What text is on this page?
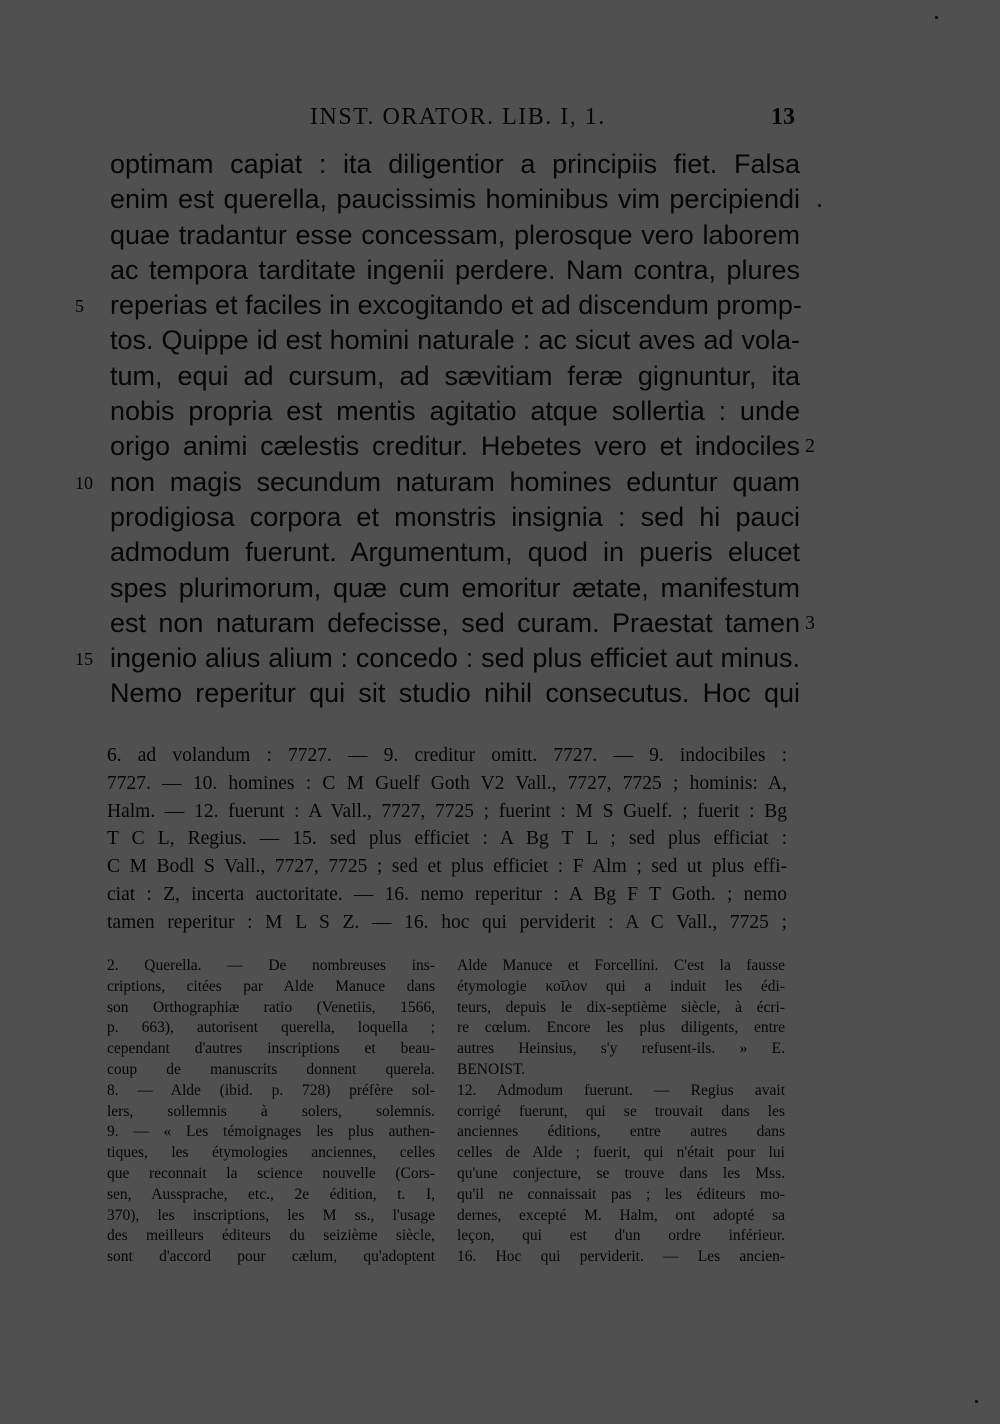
INST. ORATOR. LIB. I, 1.	13
5
10
15
optimam capiat : ita diligentior a principiis fiet. Falsa
enim est querella, paucissimis hominibus vim percipiendi
quae tradantur esse concessam, plerosque vero laborem
ac tempora tarditate ingenii perdere. Nam contra, plures
reperias et faciles in excogitando et ad discendum promp-
tos. Quippe id est homini naturale : ac sicut aves ad vola-
tum, equi ad cursum, ad sævitiam feræ gignuntur, ita
nobis propria est mentis agitatio atque sollertia : unde
origo animi cælestis creditur. Hebetes vero et indociles
non magis secundum naturam homines eduntur quam
prodigiosa corpora et monstris insignia : sed hi pauci
admodum fuerunt. Argumentum, quod in pueris elucet
spes plurimorum, quæ cum emoritur ætate, manifestum
est non naturam defecisse, sed curam. Praestat tamen
ingenio alius alium : concedo : sed plus efficiet aut minus.
Nemo reperitur qui sit studio nihil consecutus. Hoc qui
2
3
6. ad volandum : 7727. — 9. creditur omitt. 7727. — 9. indocibiles :
7727. — 10. homines : C M Guelf Goth V2 Vall., 7727, 7725 ; hominis: A,
Halm. — 12. fuerunt : A Vall., 7727, 7725 ; fuerint : M S Guelf. ; fuerit : Bg
T C L, Regius. — 15. sed plus efficiet : A Bg T L ; sed plus efficiat :
C M Bodl S Vall., 7727, 7725 ; sed et plus efficiet : F Alm ; sed ut plus effi-
ciat : Z, incerta auctoritate. — 16. nemo reperitur : A Bg F T Goth. ; nemo
tamen reperitur : M L S Z. — 16. hoc qui perviderit : A C Vall., 7725 ;
2. Querella. — De nombreuses ins-
criptions, citées par Alde Manuce dans
son Orthographiæ ratio (Venetiis, 1566,
p. 663), autorisent querella, loquella ;
cependant d'autres inscriptions et beau-
coup de manuscrits donnent querela.
8. — Alde (ibid. p. 728) préfère sol-
lers, sollemnis à solers, solemnis.
9. — « Les témoignages les plus authen-
tiques, les étymologies anciennes, celles
que reconnait la science nouvelle (Cors-
sen, Aussprache, etc., 2e édition, t. I,
370), les inscriptions, les M ss., l'usage
des meilleurs éditeurs du seizième siècle,
sont d'accord pour cælum, qu'adoptent
Alde Manuce et Forcellini. C'est la fausse
étymologie κοῖλον qui a induit les édi-
teurs, depuis le dix-septième siècle, à écri-
re cœlum. Encore les plus diligents, entre
autres Heinsius, s'y refusent-ils. » E.
BENOIST.
12. Admodum fuerunt. — Regius avait
corrigé fuerunt, qui se trouvait dans les
anciennes éditions, entre autres dans
celles de Alde ; fuerit, qui n'était pour lui
qu'une conjecture, se trouve dans les Mss.
qu'il ne connaissait pas ; les éditeurs mo-
dernes, excepté M. Halm, ont adopté sa
leçon, qui est d'un ordre inférieur.
16. Hoc qui perviderit. — Les ancien-
